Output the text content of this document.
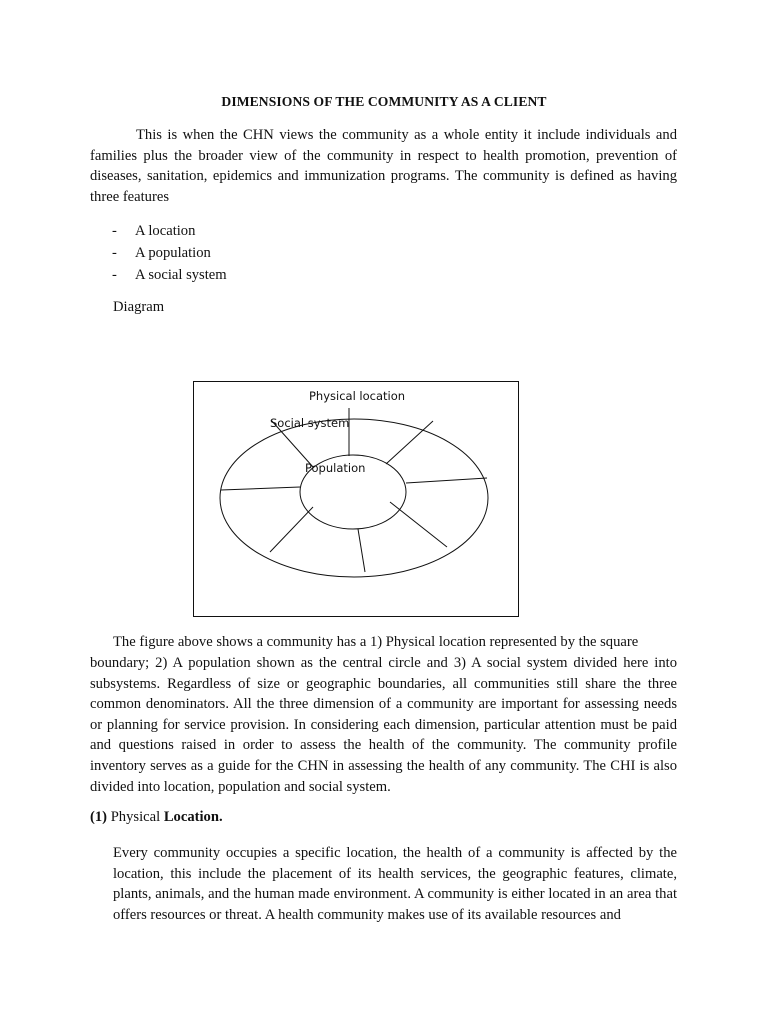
DIMENSIONS OF THE COMMUNITY AS A CLIENT

This is when the CHN views the community as a whole entity it include individuals and families plus the broader view of the community in respect to health promotion, prevention of diseases, sanitation, epidemics and immunization programs. The community is defined as having three features

- A location
- A population
- A social system
Diagram
Physical location
Social system
Population

The figure above shows a community has a 1) Physical location represented by the square

boundary; 2) A population shown as the central circle and 3) A social system divided here into subsystems. Regardless of size or geographic boundaries, all communities still share the three common denominators. All the three dimension of a community are important for assessing needs or planning for service provision. In considering each dimension, particular attention must be paid and questions raised in order to assess the health of the community. The community profile inventory serves as a guide for the CHN in assessing the health of any community. The CHI is also divided into location, population and social system.

(1) Physical Location.

Every community occupies a specific location, the health of a community is affected by the location, this include the placement of its health services, the geographic features, climate, plants, animals, and the human made environment. A community is either located in an area that offers resources or threat. A health community makes use of its available resources and
